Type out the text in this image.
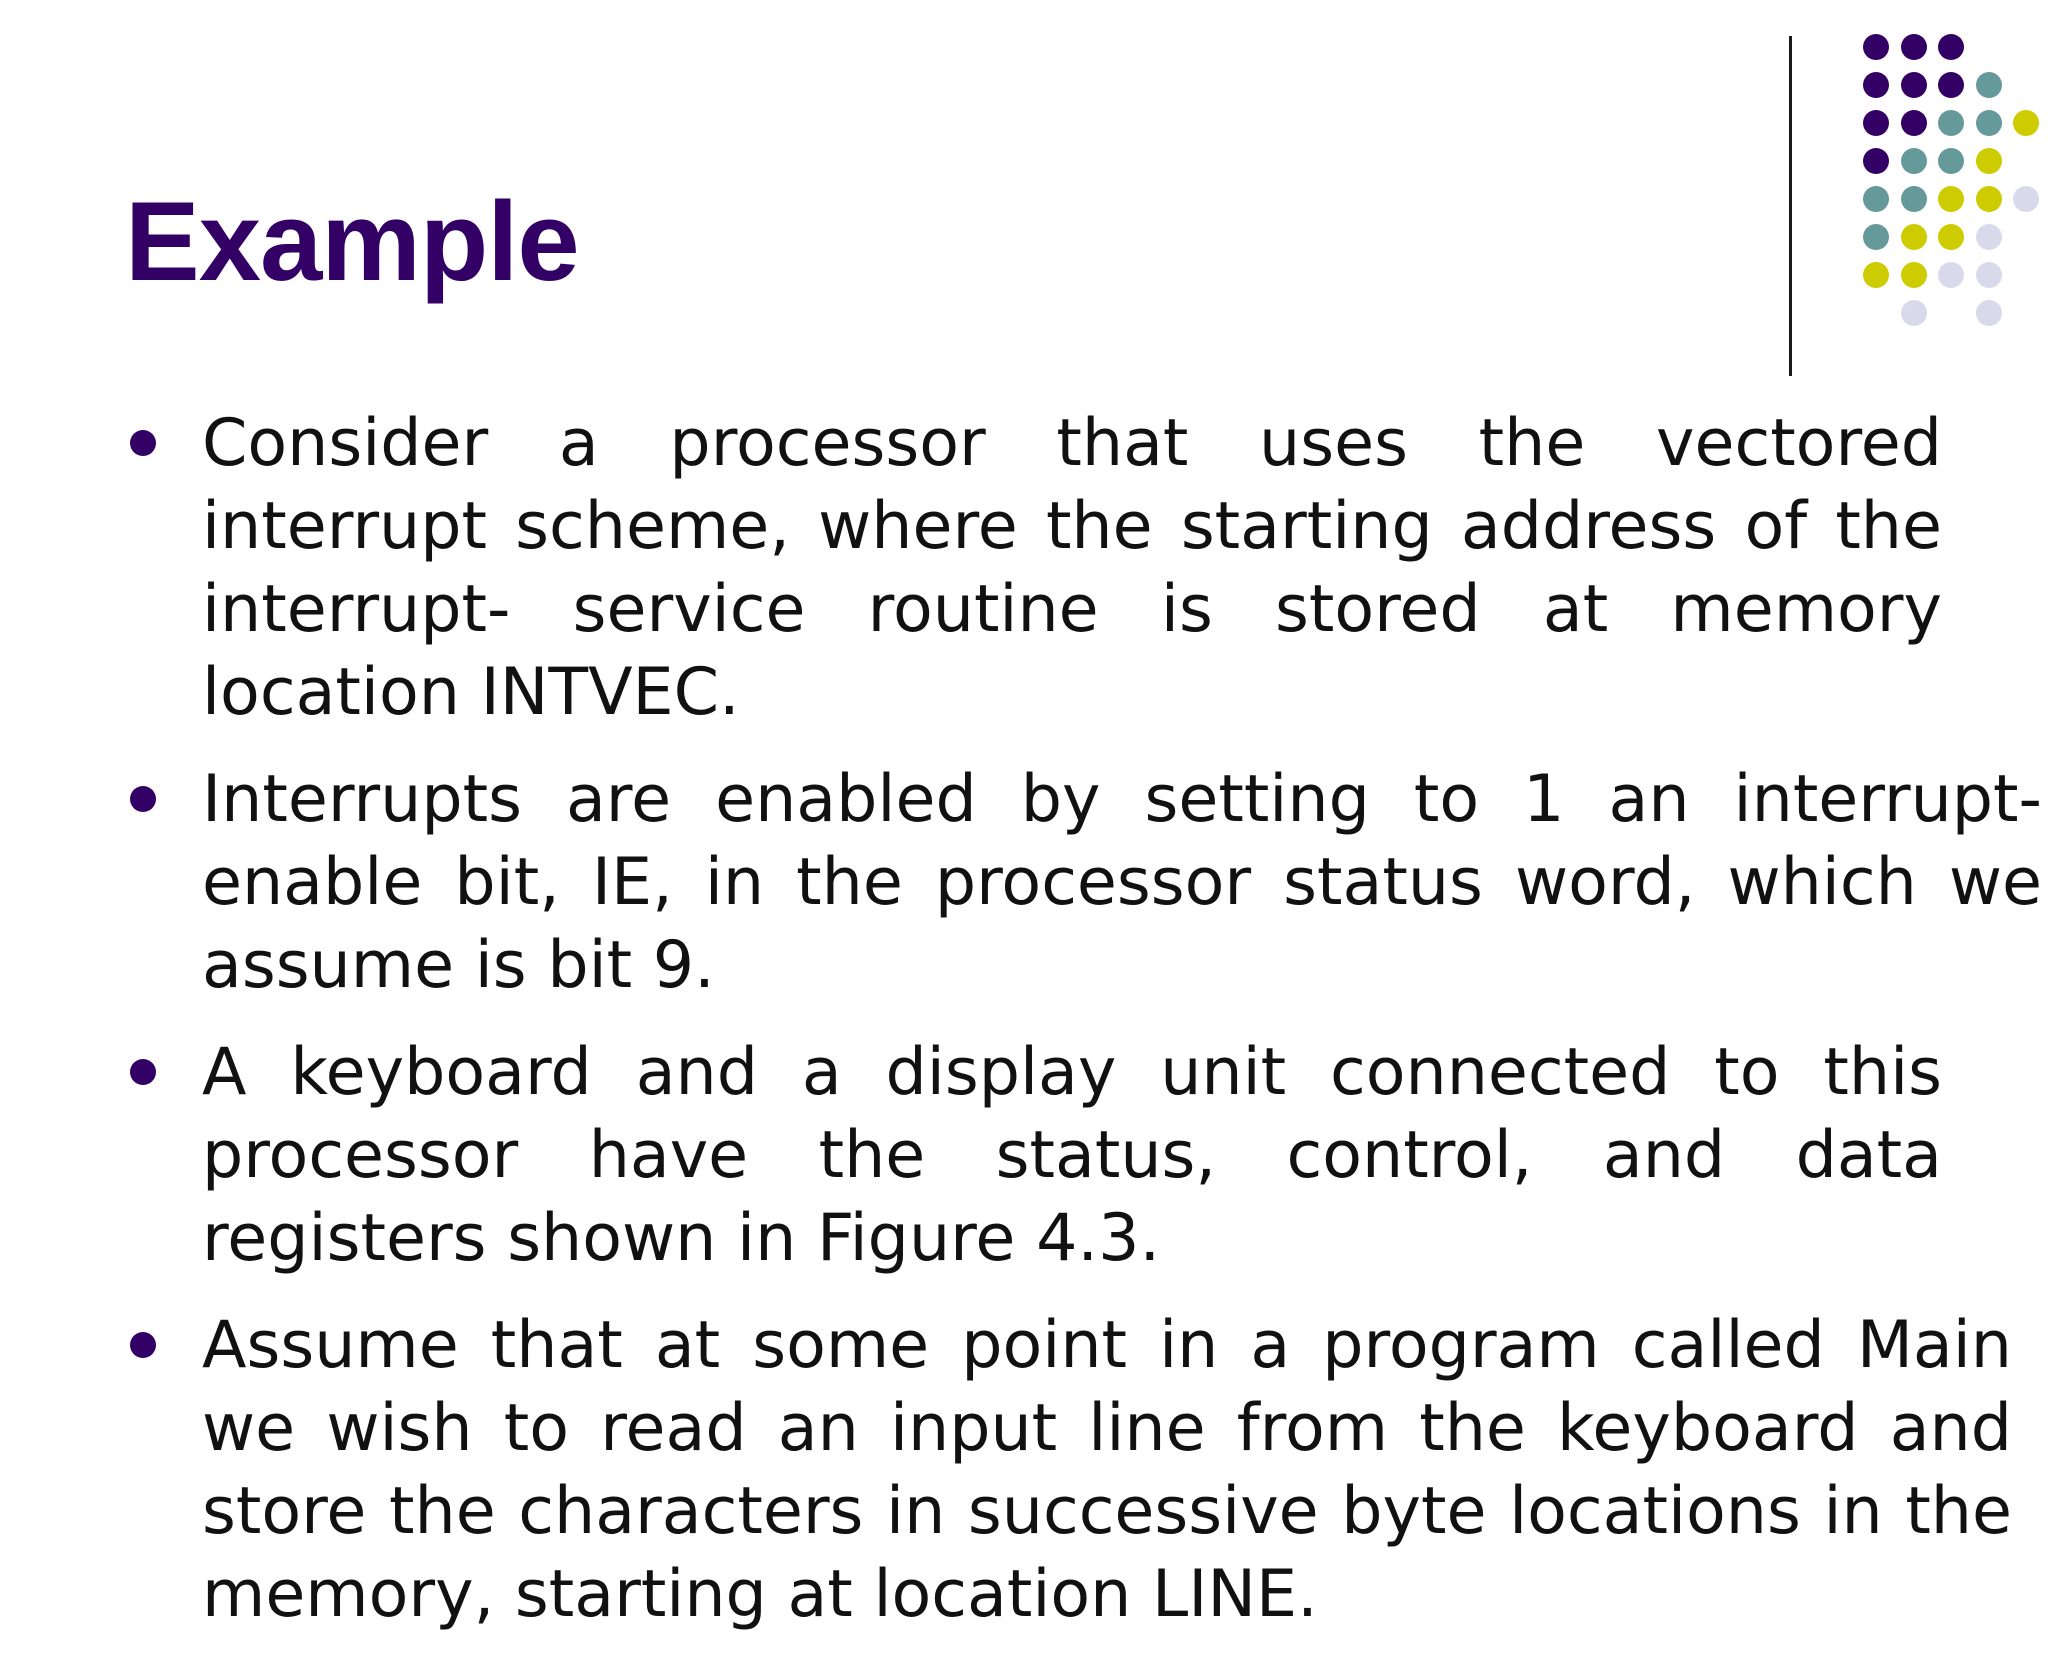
Example
Consider a processor that uses the vectored interrupt scheme, where the starting address of the interrupt- service routine is stored at memory location INTVEC.
Interrupts are enabled by setting to 1 an interrupt-enable bit, IE, in the processor status word, which we assume is bit 9.
A keyboard and a display unit connected to this processor have the status, control, and data registers shown in Figure 4.3.
Assume that at some point in a program called Main we wish to read an input line from the keyboard and store the characters in successive byte locations in the memory, starting at location LINE.
